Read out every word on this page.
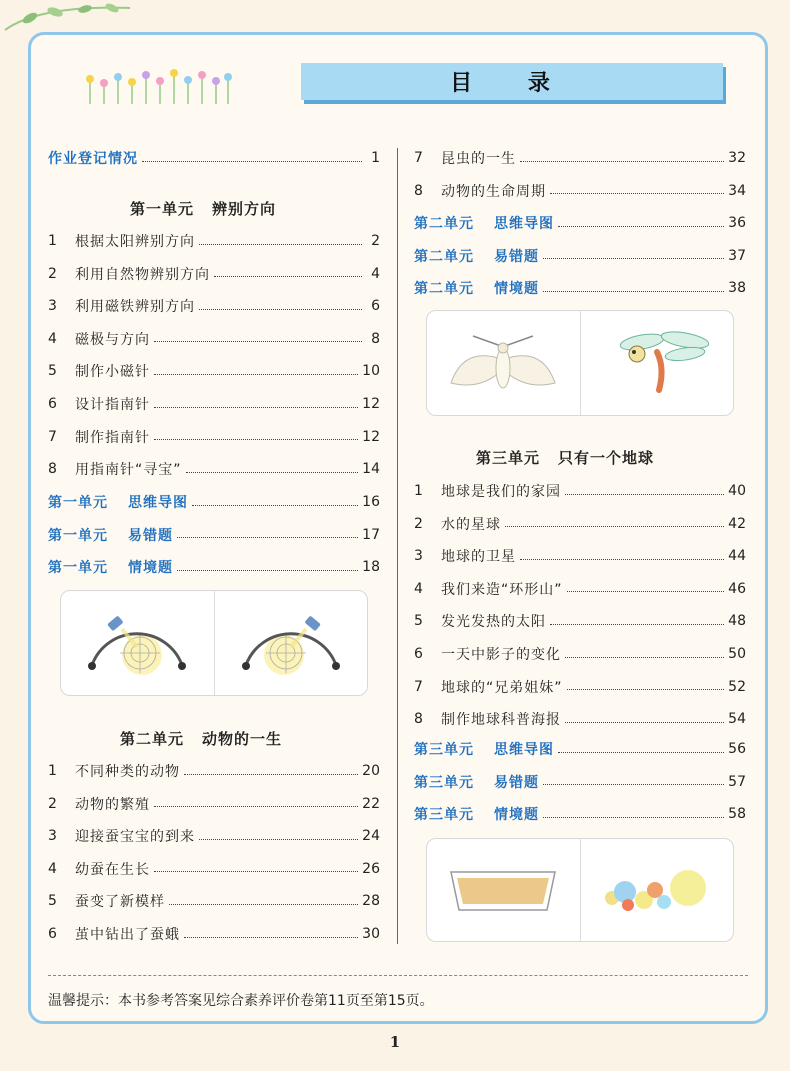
目 录
作业登记情况	1
第一单元 辨别方向
第二单元 动物的一生
第三单元 只有一个地球
温馨提示：本书参考答案见综合素养评价卷第11页至第15页。
1
1	根据太阳辨别方向	2
2	利用自然物辨别方向	4
3	利用磁铁辨别方向	6
4	磁极与方向	8
5	制作小磁针	10
6	设计指南针	12
7	制作指南针	12
8	用指南针“寻宝”	14
第一单元 思维导图	16
第一单元 易错题	17
第一单元 情境题	18
1	不同种类的动物	20
2	动物的繁殖	22
3	迎接蚕宝宝的到来	24
4	幼蚕在生长	26
5	蚕变了新模样	28
6	茧中钻出了蚕蛾	30
7	昆虫的一生	32
8	动物的生命周期	34
第二单元 思维导图	36
第二单元 易错题	37
第二单元 情境题	38
1	地球是我们的家园	40
2	水的星球	42
3	地球的卫星	44
4	我们来造“环形山”	46
5	发光发热的太阳	48
6	一天中影子的变化	50
7	地球的“兄弟姐妹”	52
8	制作地球科普海报	54
第三单元 思维导图	56
第三单元 易错题	57
第三单元 情境题	58
